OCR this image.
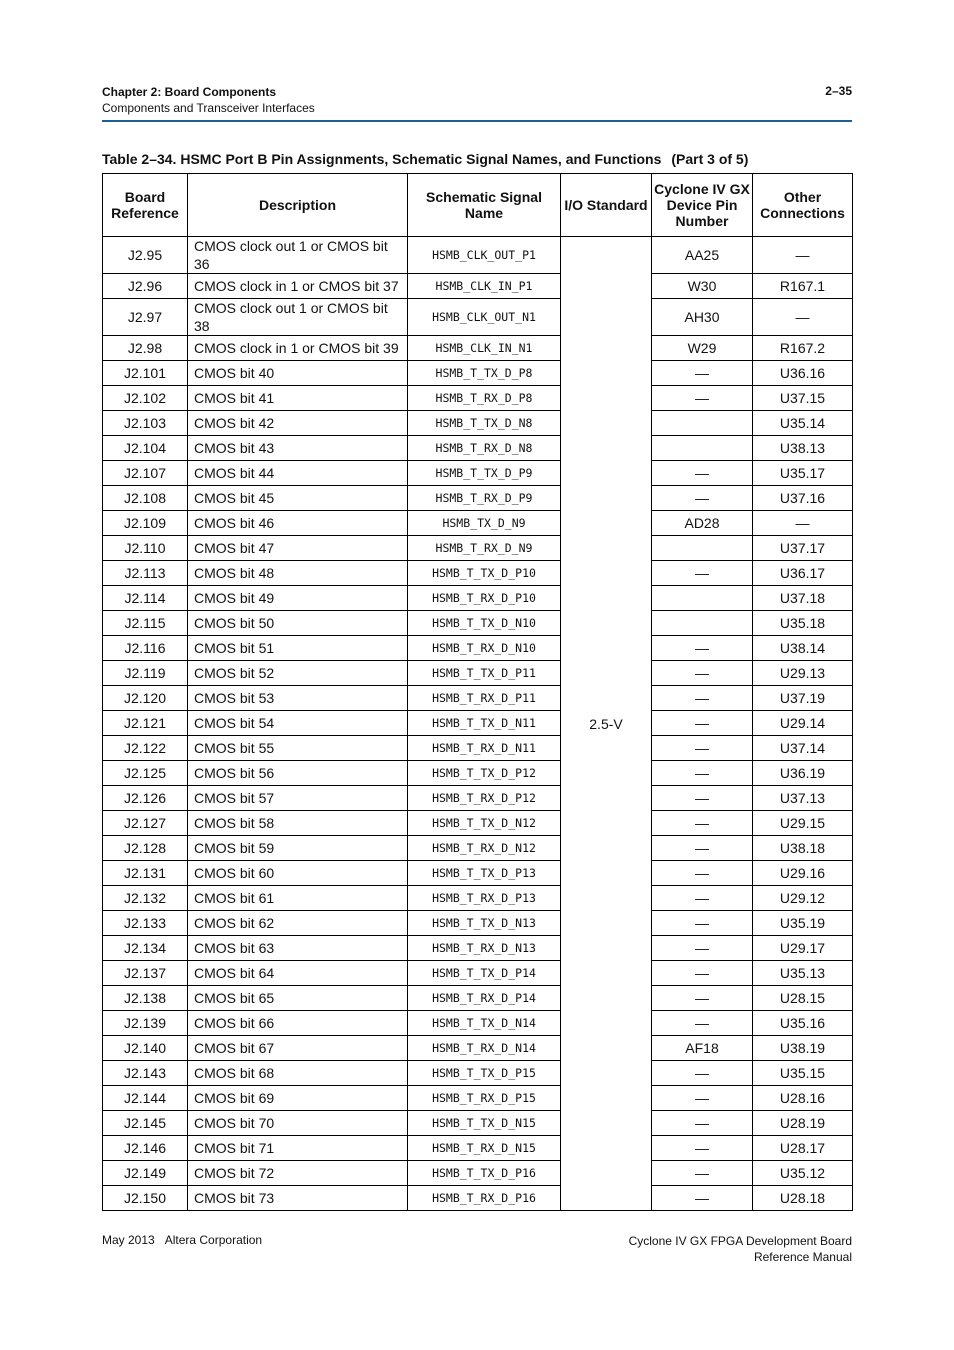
Chapter 2: Board Components
Components and Transceiver Interfaces
2–35
Table 2–34. HSMC Port B Pin Assignments, Schematic Signal Names, and Functions (Part 3 of 5)
Board Reference	Description	Schematic Signal Name	I/O Standard	Cyclone IV GX Device Pin Number	Other Connections
J2.95	CMOS clock out 1 or CMOS bit 36	HSMB_CLK_OUT_P1	2.5-V	AA25	—
J2.96	CMOS clock in 1 or CMOS bit 37	HSMB_CLK_IN_P1		W30	R167.1
J2.97	CMOS clock out 1 or CMOS bit 38	HSMB_CLK_OUT_N1		AH30	—
J2.98	CMOS clock in 1 or CMOS bit 39	HSMB_CLK_IN_N1		W29	R167.2
J2.101	CMOS bit 40	HSMB_T_TX_D_P8		—	U36.16
J2.102	CMOS bit 41	HSMB_T_RX_D_P8		—	U37.15
J2.103	CMOS bit 42	HSMB_T_TX_D_N8			U35.14
J2.104	CMOS bit 43	HSMB_T_RX_D_N8			U38.13
J2.107	CMOS bit 44	HSMB_T_TX_D_P9		—	U35.17
J2.108	CMOS bit 45	HSMB_T_RX_D_P9		—	U37.16
J2.109	CMOS bit 46	HSMB_TX_D_N9		AD28	—
J2.110	CMOS bit 47	HSMB_T_RX_D_N9			U37.17
J2.113	CMOS bit 48	HSMB_T_TX_D_P10		—	U36.17
J2.114	CMOS bit 49	HSMB_T_RX_D_P10			U37.18
J2.115	CMOS bit 50	HSMB_T_TX_D_N10			U35.18
J2.116	CMOS bit 51	HSMB_T_RX_D_N10		—	U38.14
J2.119	CMOS bit 52	HSMB_T_TX_D_P11		—	U29.13
J2.120	CMOS bit 53	HSMB_T_RX_D_P11		—	U37.19
J2.121	CMOS bit 54	HSMB_T_TX_D_N11		—	U29.14
J2.122	CMOS bit 55	HSMB_T_RX_D_N11		—	U37.14
J2.125	CMOS bit 56	HSMB_T_TX_D_P12		—	U36.19
J2.126	CMOS bit 57	HSMB_T_RX_D_P12		—	U37.13
J2.127	CMOS bit 58	HSMB_T_TX_D_N12		—	U29.15
J2.128	CMOS bit 59	HSMB_T_RX_D_N12		—	U38.18
J2.131	CMOS bit 60	HSMB_T_TX_D_P13		—	U29.16
J2.132	CMOS bit 61	HSMB_T_RX_D_P13		—	U29.12
J2.133	CMOS bit 62	HSMB_T_TX_D_N13		—	U35.19
J2.134	CMOS bit 63	HSMB_T_RX_D_N13		—	U29.17
J2.137	CMOS bit 64	HSMB_T_TX_D_P14		—	U35.13
J2.138	CMOS bit 65	HSMB_T_RX_D_P14		—	U28.15
J2.139	CMOS bit 66	HSMB_T_TX_D_N14		—	U35.16
J2.140	CMOS bit 67	HSMB_T_RX_D_N14		AF18	U38.19
J2.143	CMOS bit 68	HSMB_T_TX_D_P15		—	U35.15
J2.144	CMOS bit 69	HSMB_T_RX_D_P15		—	U28.16
J2.145	CMOS bit 70	HSMB_T_TX_D_N15		—	U28.19
J2.146	CMOS bit 71	HSMB_T_RX_D_N15		—	U28.17
J2.149	CMOS bit 72	HSMB_T_TX_D_P16		—	U35.12
J2.150	CMOS bit 73	HSMB_T_RX_D_P16		—	U28.18
May 2013 Altera Corporation	Cyclone IV GX FPGA Development Board
Reference Manual
